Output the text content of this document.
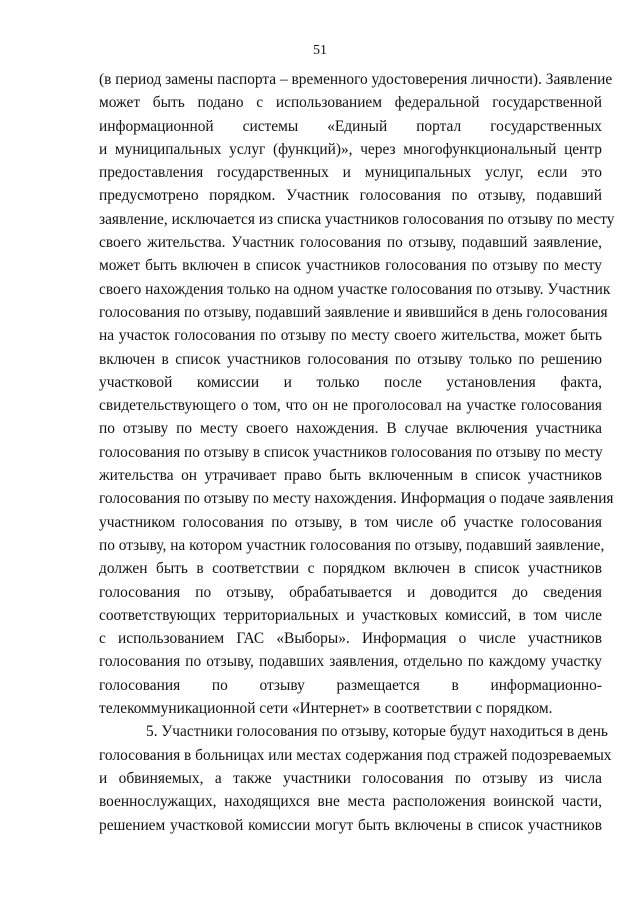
51
(в период замены паспорта – временного удостоверения личности). Заявление
может быть подано с использованием федеральной государственной
информационной системы «Единый портал государственных
и муниципальных услуг (функций)», через многофункциональный центр
предоставления государственных и муниципальных услуг, если это
предусмотрено порядком. Участник голосования по отзыву, подавший
заявление, исключается из списка участников голосования по отзыву по месту
своего жительства. Участник голосования по отзыву, подавший заявление,
может быть включен в список участников голосования по отзыву по месту
своего нахождения только на одном участке голосования по отзыву. Участник
голосования по отзыву, подавший заявление и явившийся в день голосования
на участок голосования по отзыву по месту своего жительства, может быть
включен в список участников голосования по отзыву только по решению
участковой комиссии и только после установления факта,
свидетельствующего о том, что он не проголосовал на участке голосования
по отзыву по месту своего нахождения. В случае включения участника
голосования по отзыву в список участников голосования по отзыву по месту
жительства он утрачивает право быть включенным в список участников
голосования по отзыву по месту нахождения. Информация о подаче заявления
участником голосования по отзыву, в том числе об участке голосования
по отзыву, на котором участник голосования по отзыву, подавший заявление,
должен быть в соответствии с порядком включен в список участников
голосования по отзыву, обрабатывается и доводится до сведения
соответствующих территориальных и участковых комиссий, в том числе
с использованием ГАС «Выборы». Информация о числе участников
голосования по отзыву, подавших заявления, отдельно по каждому участку
голосования по отзыву размещается в информационно-
телекоммуникационной сети «Интернет» в соответствии с порядком.
5. Участники голосования по отзыву, которые будут находиться в день
голосования в больницах или местах содержания под стражей подозреваемых
и обвиняемых, а также участники голосования по отзыву из числа
военнослужащих, находящихся вне места расположения воинской части,
решением участковой комиссии могут быть включены в список участников
